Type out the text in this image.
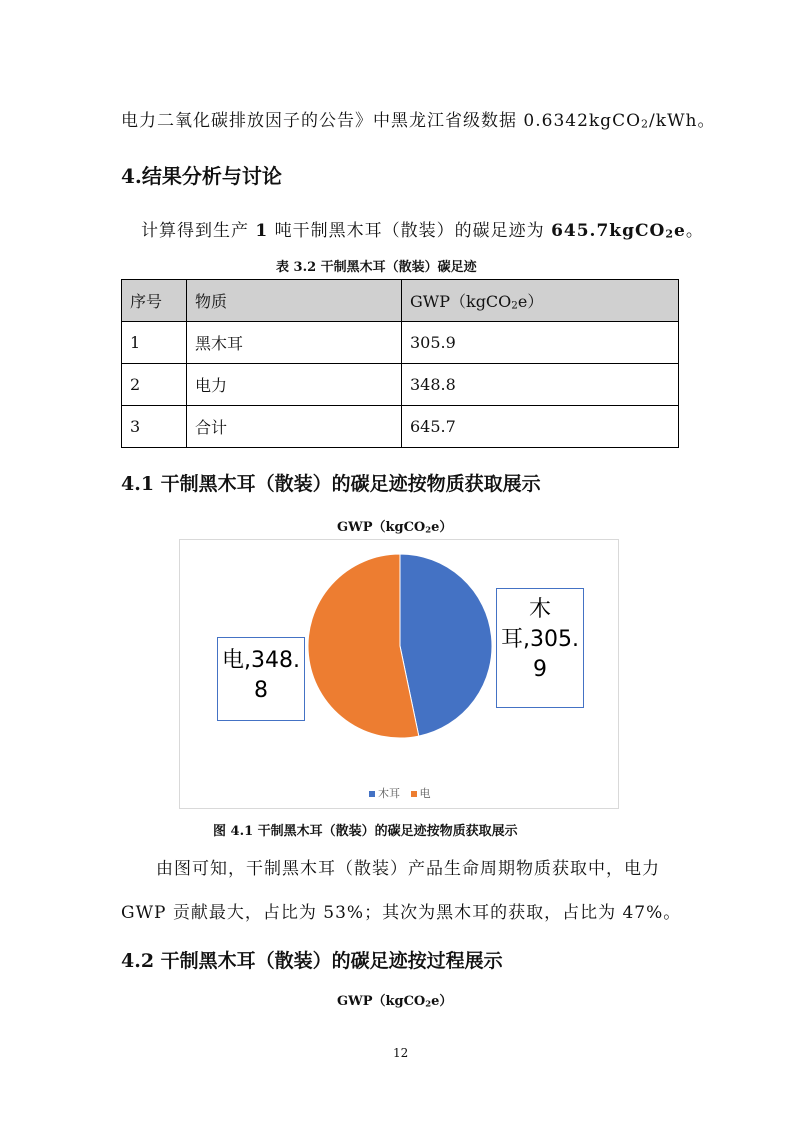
电力二氧化碳排放因子的公告》中黑龙江省级数据 0.6342kgCO$_2$/kWh。
4.结果分析与讨论
计算得到生产 1 吨干制黑木耳（散装）的碳足迹为 645.7kgCO$_2$e。
表 3.2 干制黑木耳（散装）碳足迹
序号	物质	GWP（kgCO$_2$e）
1	黑木耳	305.9
2	电力	348.8
3	合计	645.7
4.1 干制黑木耳（散装）的碳足迹按物质获取展示
GWP（kgCO$_2$e）
电,348.
8
木
耳,305.
9
木耳 电
图 4.1 干制黑木耳（散装）的碳足迹按物质获取展示
由图可知，干制黑木耳（散装）产品生命周期物质获取中，电力
GWP 贡献最大，占比为 53%；其次为黑木耳的获取，占比为 47%。
4.2 干制黑木耳（散装）的碳足迹按过程展示
GWP（kgCO$_2$e）
12
